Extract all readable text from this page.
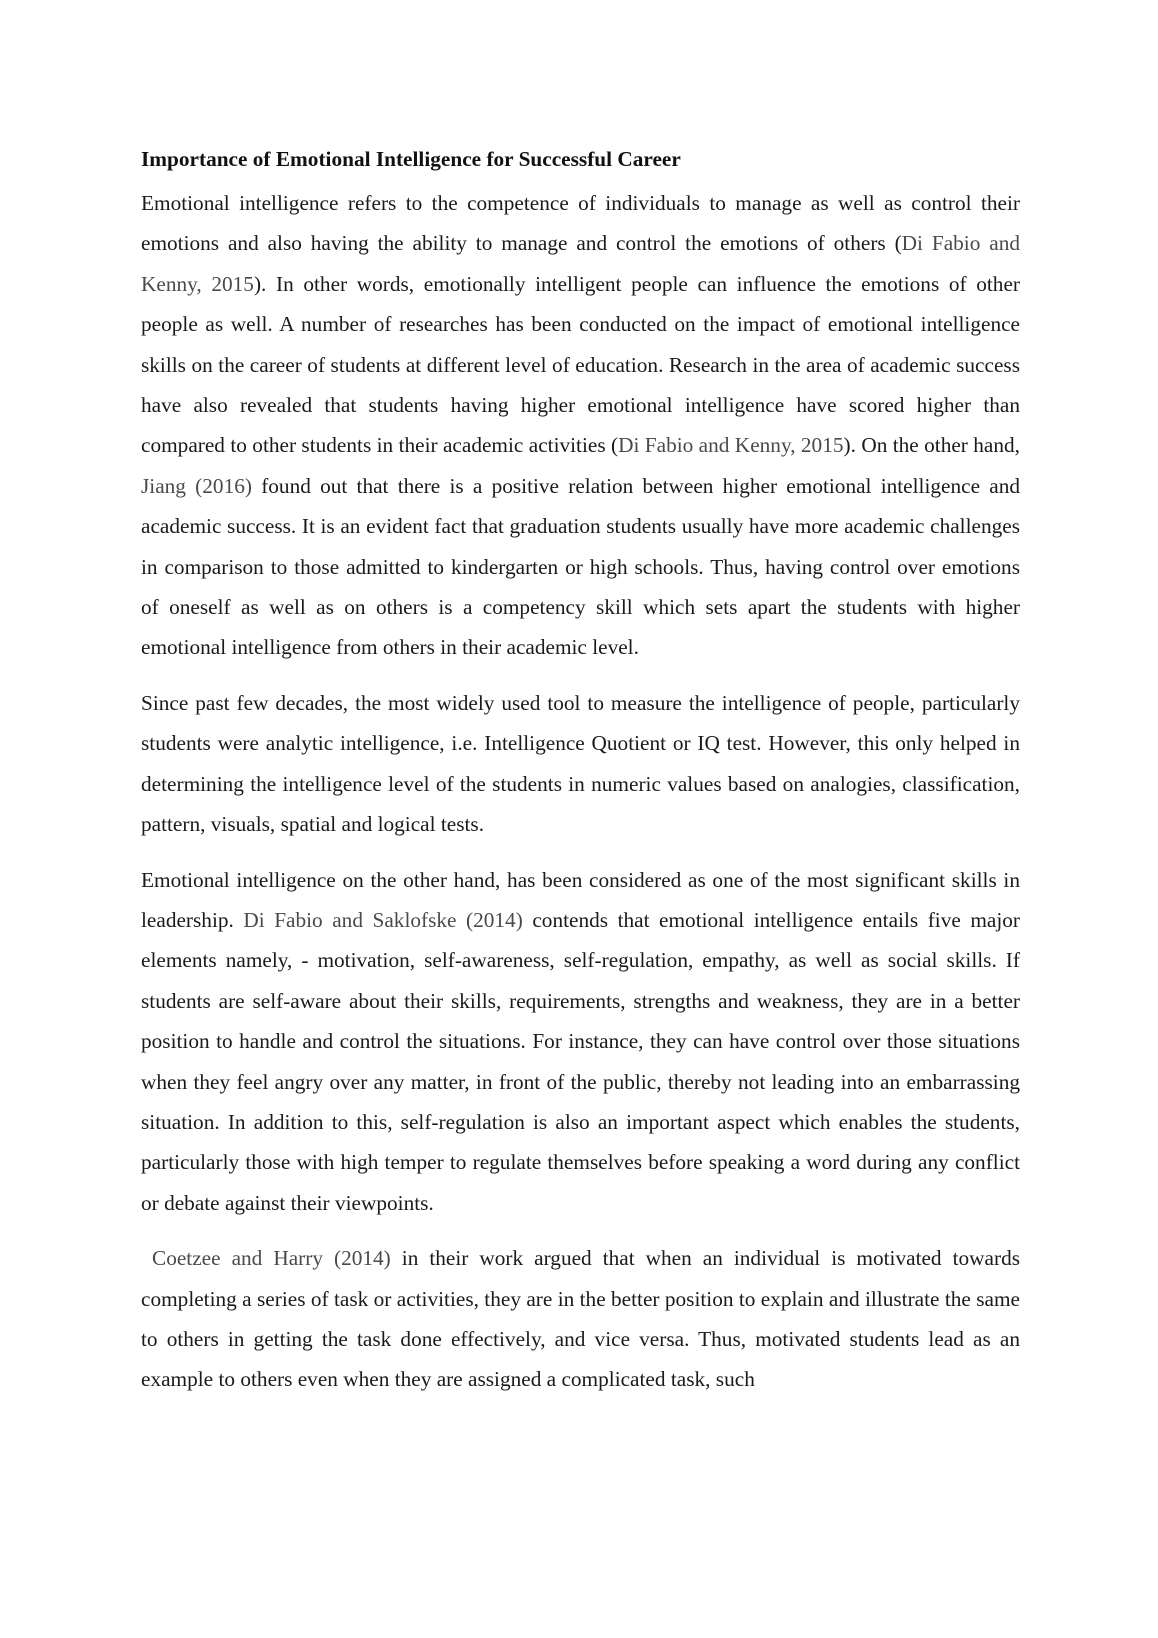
Importance of Emotional Intelligence for Successful Career

Emotional intelligence refers to the competence of individuals to manage as well as control their emotions and also having the ability to manage and control the emotions of others (Di Fabio and Kenny, 2015). In other words, emotionally intelligent people can influence the emotions of other people as well. A number of researches has been conducted on the impact of emotional intelligence skills on the career of students at different level of education. Research in the area of academic success have also revealed that students having higher emotional intelligence have scored higher than compared to other students in their academic activities (Di Fabio and Kenny, 2015). On the other hand, Jiang (2016) found out that there is a positive relation between higher emotional intelligence and academic success. It is an evident fact that graduation students usually have more academic challenges in comparison to those admitted to kindergarten or high schools. Thus, having control over emotions of oneself as well as on others is a competency skill which sets apart the students with higher emotional intelligence from others in their academic level.

Since past few decades, the most widely used tool to measure the intelligence of people, particularly students were analytic intelligence, i.e. Intelligence Quotient or IQ test. However, this only helped in determining the intelligence level of the students in numeric values based on analogies, classification, pattern, visuals, spatial and logical tests.

Emotional intelligence on the other hand, has been considered as one of the most significant skills in leadership. Di Fabio and Saklofske (2014) contends that emotional intelligence entails five major elements namely, - motivation, self-awareness, self-regulation, empathy, as well as social skills. If students are self-aware about their skills, requirements, strengths and weakness, they are in a better position to handle and control the situations. For instance, they can have control over those situations when they feel angry over any matter, in front of the public, thereby not leading into an embarrassing situation. In addition to this, self-regulation is also an important aspect which enables the students, particularly those with high temper to regulate themselves before speaking a word during any conflict or debate against their viewpoints.

Coetzee and Harry (2014) in their work argued that when an individual is motivated towards completing a series of task or activities, they are in the better position to explain and illustrate the same to others in getting the task done effectively, and vice versa. Thus, motivated students lead as an example to others even when they are assigned a complicated task, such
